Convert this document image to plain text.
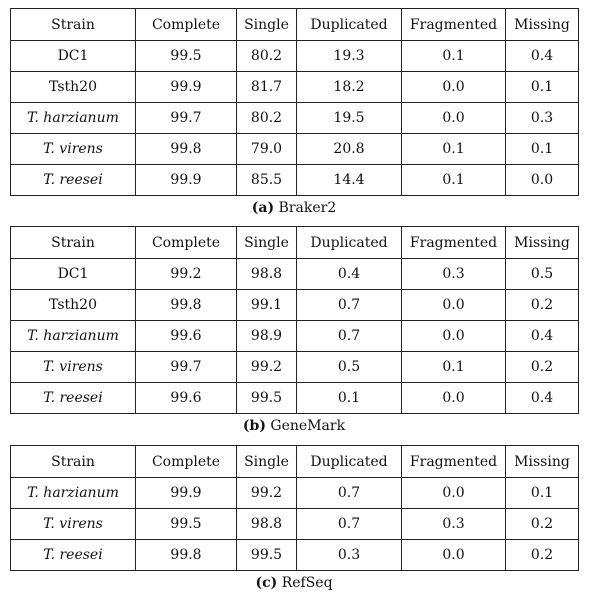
Strain	Complete	Single	Duplicated	Fragmented	Missing
DC1	99.5	80.2	19.3	0.1	0.4
Tsth20	99.9	81.7	18.2	0.0	0.1
T. harzianum	99.7	80.2	19.5	0.0	0.3
T. virens	99.8	79.0	20.8	0.1	0.1
T. reesei	99.9	85.5	14.4	0.1	0.0
(a) Braker2
Strain	Complete	Single	Duplicated	Fragmented	Missing
DC1	99.2	98.8	0.4	0.3	0.5
Tsth20	99.8	99.1	0.7	0.0	0.2
T. harzianum	99.6	98.9	0.7	0.0	0.4
T. virens	99.7	99.2	0.5	0.1	0.2
T. reesei	99.6	99.5	0.1	0.0	0.4
(b) GeneMark
Strain	Complete	Single	Duplicated	Fragmented	Missing
T. harzianum	99.9	99.2	0.7	0.0	0.1
T. virens	99.5	98.8	0.7	0.3	0.2
T. reesei	99.8	99.5	0.3	0.0	0.2
(c) RefSeq
